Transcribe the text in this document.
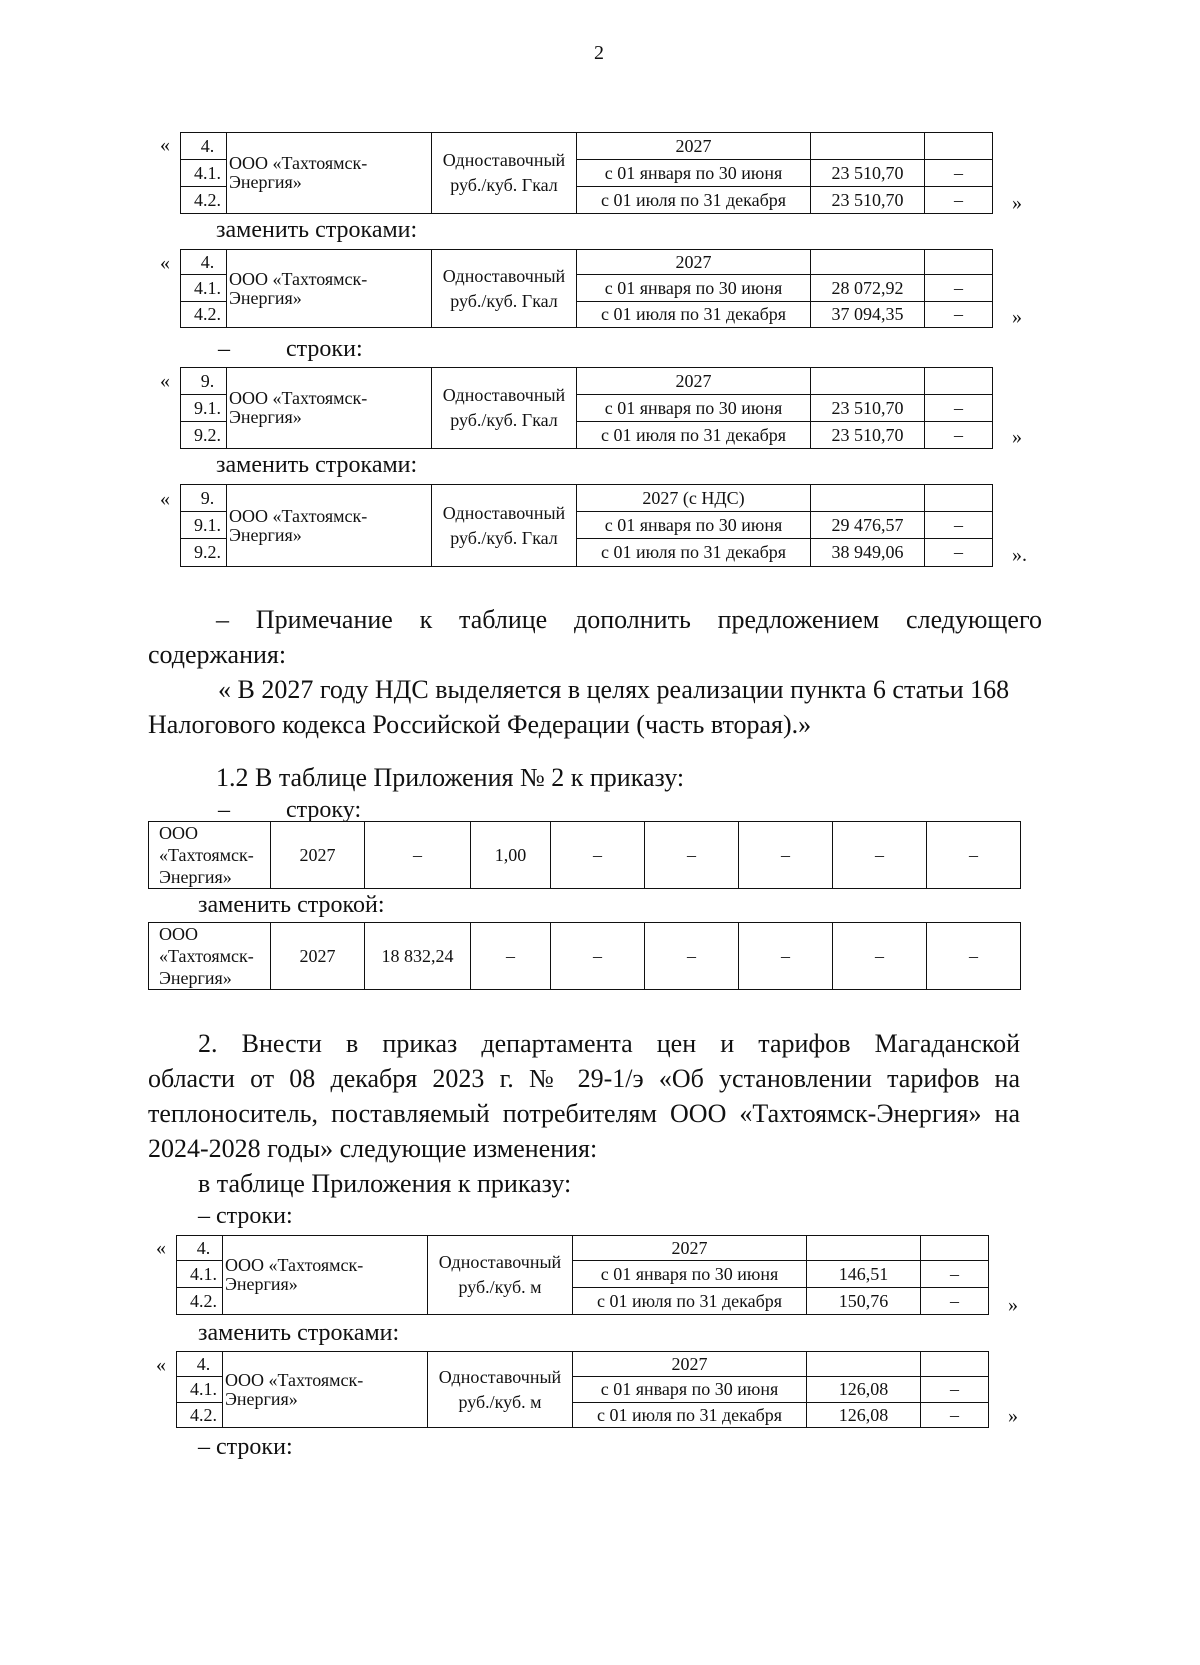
2
« 4.	ООО «Тахтоямск-Энергия»	Одноставочный руб./куб. Гкал	2027		
4.1.			с 01 января по 30 июня	23 510,70	–
4.2.			с 01 июля по 31 декабря	23 510,70	– »
заменить строками:
« 4.	ООО «Тахтоямск-Энергия»	Одноставочный руб./куб. Гкал	2027		
4.1.			с 01 января по 30 июня	28 072,92	–
4.2.			с 01 июля по 31 декабря	37 094,35	– »
– строки:
« 9.	ООО «Тахтоямск-Энергия»	Одноставочный руб./куб. Гкал	2027		
9.1.			с 01 января по 30 июня	23 510,70	–
9.2.			с 01 июля по 31 декабря	23 510,70	– »
заменить строками:
« 9.	ООО «Тахтоямск-Энергия»	Одноставочный руб./куб. Гкал	2027 (с НДС)		
9.1.			с 01 января по 30 июня	29 476,57	–
9.2.			с 01 июля по 31 декабря	38 949,06	– ».
– Примечание к таблице дополнить предложением следующего
содержания:
« В 2027 году НДС выделяется в целях реализации пункта 6 статьи 168
Налогового кодекса Российской Федерации (часть вторая).»
1.2 В таблице Приложения № 2 к приказу:
– строку:
ООО «Тахтоямск-Энергия»	2027	–	1,00	–	–	–	–	–
заменить строкой:
ООО «Тахтоямск-Энергия»	2027	18 832,24	–	–	–	–	–	–
2. Внести в приказ департамента цен и тарифов Магаданской
области от 08 декабря 2023 г. № 29-1/э «Об установлении тарифов на
теплоноситель, поставляемый потребителям ООО «Тахтоямск-Энергия» на
2024-2028 годы» следующие изменения:
в таблице Приложения к приказу:
– строки:
« 4.	ООО «Тахтоямск-Энергия»	Одноставочный руб./куб. м	2027		
4.1.			с 01 января по 30 июня	146,51	–
4.2.			с 01 июля по 31 декабря	150,76	– »
заменить строками:
« 4.	ООО «Тахтоямск-Энергия»	Одноставочный руб./куб. м	2027		
4.1.			с 01 января по 30 июня	126,08	–
4.2.			с 01 июля по 31 декабря	126,08	– »
– строки:
